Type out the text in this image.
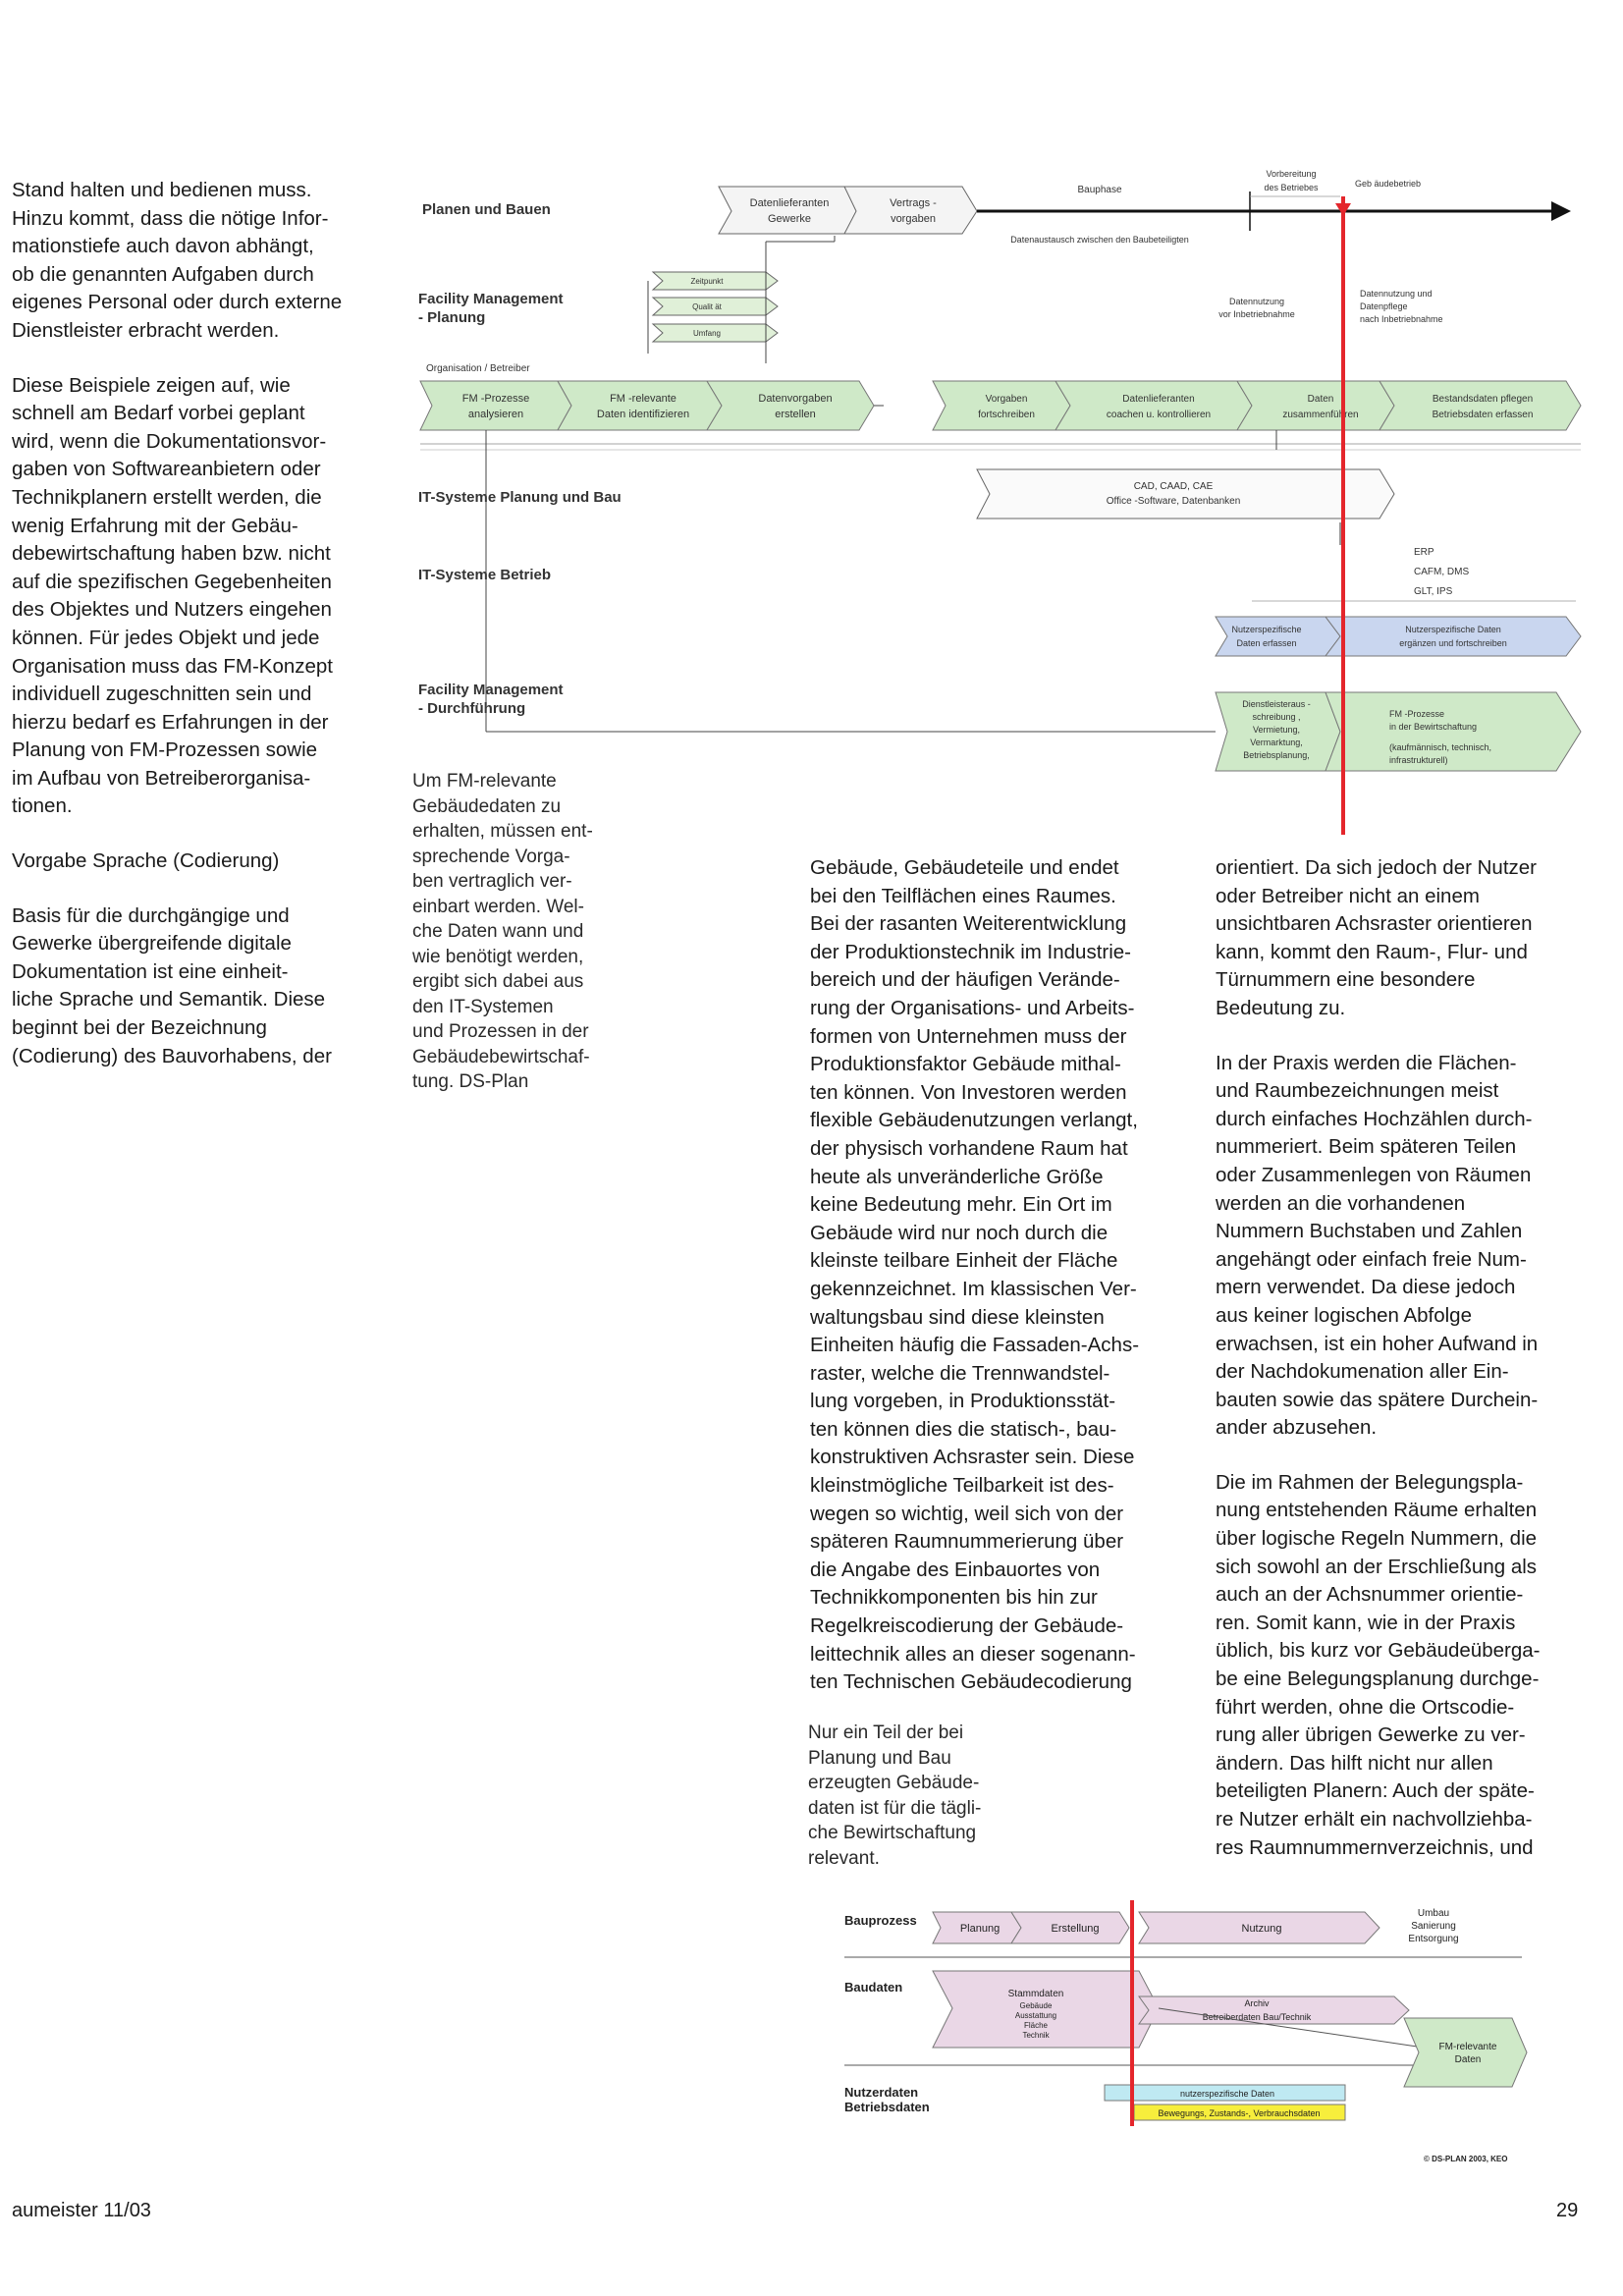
Stand halten und bedienen muss.
Hinzu kommt, dass die nötige Infor-
mationstiefe auch davon abhängt,
ob die genannten Aufgaben durch
eigenes Personal oder durch externe
Dienstleister erbracht werden.

Diese Beispiele zeigen auf, wie
schnell am Bedarf vorbei geplant
wird, wenn die Dokumentationsvor-
gaben von Softwareanbietern oder
Technikplanern erstellt werden, die
wenig Erfahrung mit der Gebäu-
debewirtschaftung haben bzw. nicht
auf die spezifischen Gegebenheiten
des Objektes und Nutzers eingehen
können. Für jedes Objekt und jede
Organisation muss das FM-Konzept
individuell zugeschnitten sein und
hierzu bedarf es Erfahrungen in der
Planung von FM-Prozessen sowie
im Aufbau von Betreiberorganisa-
tionen.

Vorgabe Sprache (Codierung)

Basis für die durchgängige und
Gewerke übergreifende digitale
Dokumentation ist eine einheit-
liche Sprache und Semantik. Diese
beginnt bei der Bezeichnung
(Codierung) des Bauvorhabens, der

Um FM-relevante
Gebäudedaten zu
erhalten, müssen ent-
sprechende Vorga-
ben vertraglich ver-
einbart werden. Wel-
che Daten wann und
wie benötigt werden,
ergibt sich dabei aus
den IT-Systemen
und Prozessen in der
Gebäudebewirtschaf-
tung. DS-Plan
Planen und Bauen
Facility Management
- Planung
Organisation / Betreiber
IT-Systeme Planung und Bau
IT-Systeme Betrieb
Facility Management
- Durchführung
Datenlieferanten
Gewerke
Vertrags -
vorgaben
Bauphase
Vorbereitung
des Betriebes	Geb äudebetrieb
Datenaustausch zwischen den Baubeteiligten
Zeitpunkt
Qualit ät
Umfang
Datennutzung
vor Inbetriebnahme
Datennutzung und
Datenpflege
nach Inbetriebnahme
FM -Prozesse
analysieren
FM -relevante
Daten identifizieren
Datenvorgaben
erstellen
Vorgaben
fortschreiben
Datenlieferanten
coachen u. kontrollieren
Daten
zusammenführen
Bestandsdaten pflegen
Betriebsdaten erfassen
CAD, CAAD, CAE
Office -Software, Datenbanken
ERP
CAFM, DMS
GLT, IPS
Nutzerspezifische
Daten erfassen
Nutzerspezifische Daten
ergänzen und fortschreiben
Dienstleisteraus -
schreibung ,
Vermietung,
Vermarktung,
Betriebsplanung,
FM -Prozesse
in der Bewirtschaftung
(kaufmännisch, technisch,
infrastrukturell)
Gebäude, Gebäudeteile und endet
bei den Teilflächen eines Raumes.
Bei der rasanten Weiterentwicklung
der Produktionstechnik im Industrie-
bereich und der häufigen Verände-
rung der Organisations- und Arbeits-
formen von Unternehmen muss der
Produktionsfaktor Gebäude mithal-
ten können. Von Investoren werden
flexible Gebäudenutzungen verlangt,
der physisch vorhandene Raum hat
heute als unveränderliche Größe
keine Bedeutung mehr. Ein Ort im
Gebäude wird nur noch durch die
kleinste teilbare Einheit der Fläche
gekennzeichnet. Im klassischen Ver-
waltungsbau sind diese kleinsten
Einheiten häufig die Fassaden-Achs-
raster, welche die Trennwandstel-
lung vorgeben, in Produktionsstät-
ten können dies die statisch-, bau-
konstruktiven Achsraster sein. Diese
kleinstmögliche Teilbarkeit ist des-
wegen so wichtig, weil sich von der
späteren Raumnummerierung über
die Angabe des Einbauortes von
Technikkomponenten bis hin zur
Regelkreiscodierung der Gebäude-
leittechnik alles an dieser sogenann-
ten Technischen Gebäudecodierung
Nur ein Teil der bei
Planung und Bau
erzeugten Gebäude-
daten ist für die tägli-
che Bewirtschaftung
relevant.

orientiert. Da sich jedoch der Nutzer
oder Betreiber nicht an einem
unsichtbaren Achsraster orientieren
kann, kommt den Raum-, Flur- und
Türnummern eine besondere
Bedeutung zu.

In der Praxis werden die Flächen-
und Raumbezeichnungen meist
durch einfaches Hochzählen durch-
nummeriert. Beim späteren Teilen
oder Zusammenlegen von Räumen
werden an die vorhandenen
Nummern Buchstaben und Zahlen
angehängt oder einfach freie Num-
mern verwendet. Da diese jedoch
aus keiner logischen Abfolge
erwachsen, ist ein hoher Aufwand in
der Nachdokumenation aller Ein-
bauten sowie das spätere Durchein-
ander abzusehen.

Die im Rahmen der Belegungspla-
nung entstehenden Räume erhalten
über logische Regeln Nummern, die
sich sowohl an der Erschließung als
auch an der Achsnummer orientie-
ren. Somit kann, wie in der Praxis
üblich, bis kurz vor Gebäudeüberga-
be eine Belegungsplanung durchge-
führt werden, ohne die Ortscodie-
rung aller übrigen Gewerke zu ver-
ändern. Das hilft nicht nur allen
beteiligten Planern: Auch der späte-
re Nutzer erhält ein nachvollziehba-
res Raumnummernverzeichnis, und

Bauprozess
Baudaten
Nutzerdaten
Betriebsdaten
Planung	Erstellung	Nutzung
Umbau
Sanierung
Entsorgung
Stammdaten
Gebäude
Ausstattung
Fläche
Technik
Archiv
Betreiberdaten Bau/Technik
FM-relevante
Daten
nutzerspezifische Daten
Bewegungs, Zustands-, Verbrauchsdaten
© DS-PLAN 2003, KEO
aumeister 11/03	29
